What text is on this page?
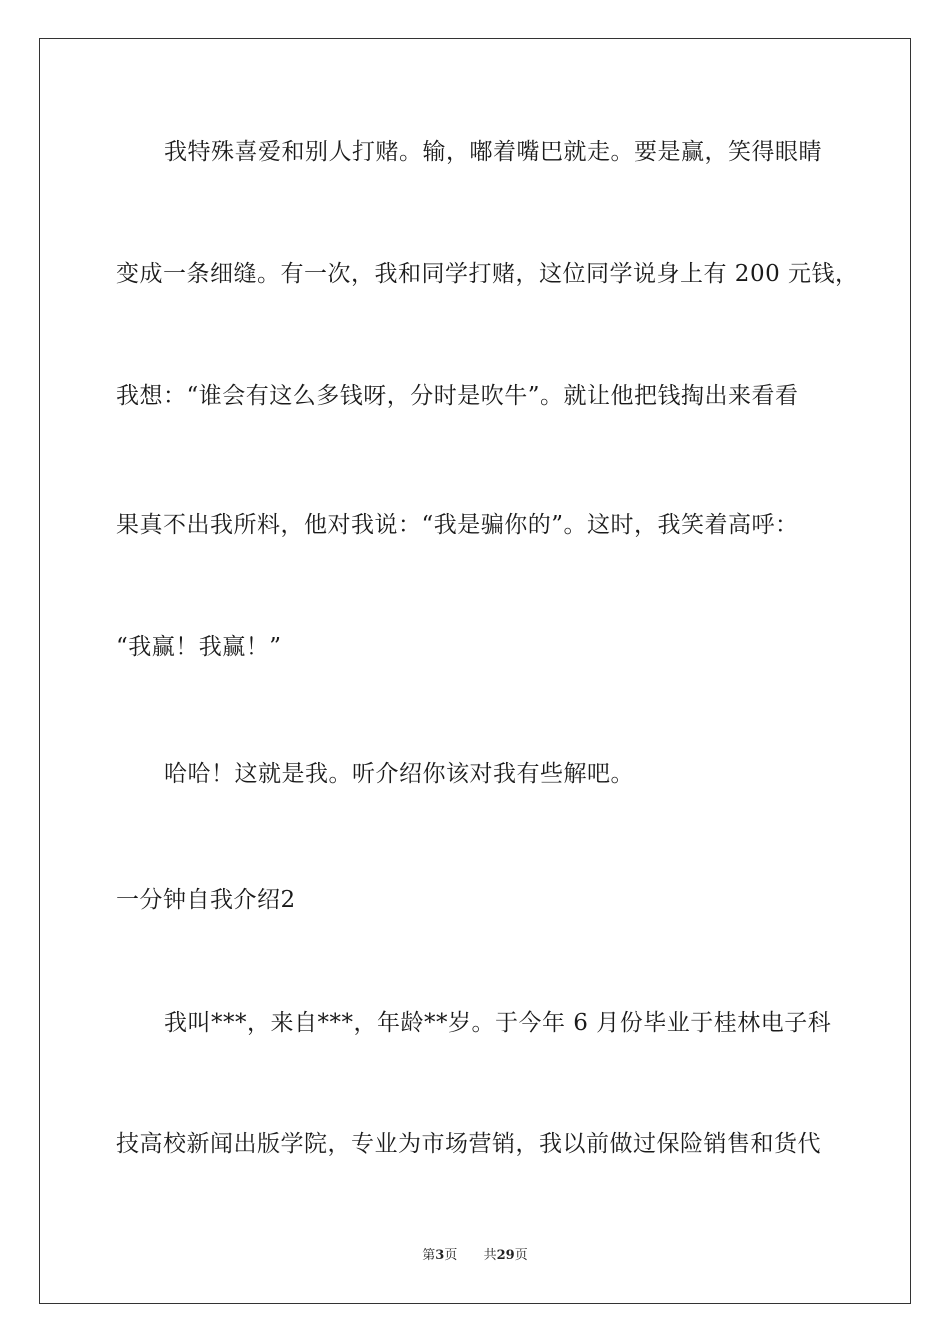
我特殊喜爱和别人打赌。输，嘟着嘴巴就走。要是赢，笑得眼睛
变成一条细缝。有一次，我和同学打赌，这位同学说身上有 200 元钱，
我想：“谁会有这么多钱呀，分时是吹牛”。就让他把钱掏出来看看
果真不出我所料，他对我说：“我是骗你的”。这时，我笑着高呼：
“我赢！我赢！”
哈哈！这就是我。听介绍你该对我有些解吧。
一分钟自我介绍2
我叫***，来自***，年龄**岁。于今年 6 月份毕业于桂林电子科
技高校新闻出版学院，专业为市场营销，我以前做过保险销售和货代
第3页 共29页
